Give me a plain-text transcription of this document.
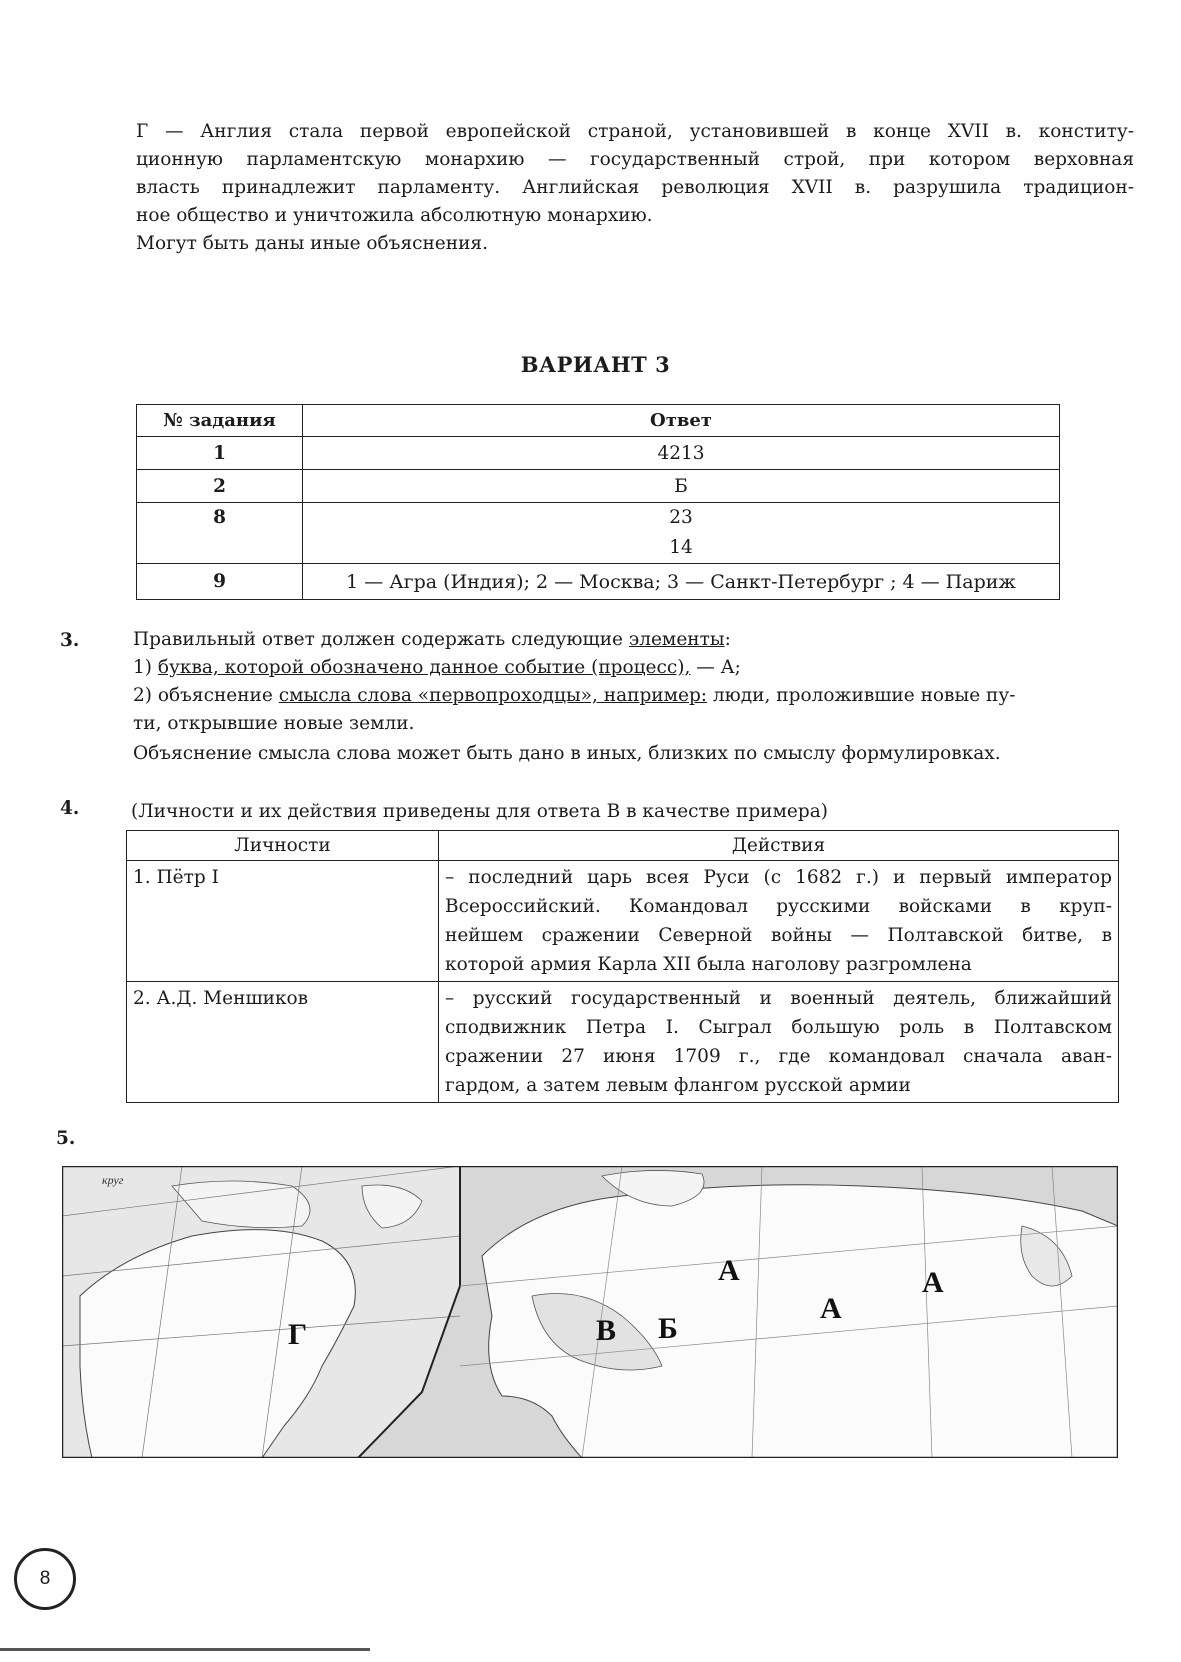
Г — Англия стала первой европейской страной, установившей в конце XVII в. конститу-
ционную парламентскую монархию — государственный строй, при котором верховная
власть принадлежит парламенту. Английская революция XVII в. разрушила традицион-
ное общество и уничтожила абсолютную монархию.
Могут быть даны иные объяснения.
ВАРИАНТ 3
№ задания	Ответ
1	4213
2	Б
8	23
14

9	1 — Агра (Индия); 2 — Москва; 3 — Санкт-Петербург ; 4 — Париж
3.	Правильный ответ должен содержать следующие элементы:
1) буква, которой обозначено данное событие (процесс), — А;
2) объяснение смысла слова «первопроходцы», например: люди, проложившие новые пу-
ти, открывшие новые земли.
Объяснение смысла слова может быть дано в иных, близких по смыслу формулировках.
4.	(Личности и их действия приведены для ответа В в качестве примера)
Личности	Действия
1. Пётр I	– последний царь всея Руси (с 1682 г.) и первый император
Всероссийский. Командовал русскими войсками в круп-
нейшем сражении Северной войны — Полтавской битве, в
которой армия Карла XII была наголову разгромлена

2. А.Д. Меншиков	– русский государственный и военный деятель, ближайший
сподвижник Петра I. Сыграл большую роль в Полтавском
сражении 27 июня 1709 г., где командовал сначала аван-
гардом, а затем левым флангом русской армии
5.
круг
Г	В Б
А
А
А
8
